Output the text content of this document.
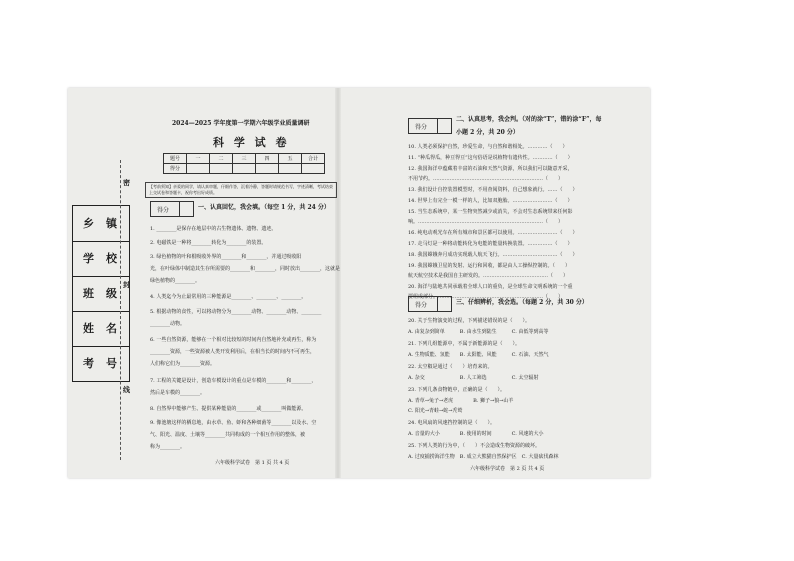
2024—2025 学年度第一学期六年级学业质量调研
科 学 试 卷
题号	一	二	三	四	五	合计
得分						
【考前须知】亲爱的同学，请认真审题，仔细作答，沉着冷静，答题时请规范书写，字迹清晰，考试结束上交试卷和答题卡，祝你考出好成绩。
乡 镇
学 校
班 级
姓 名
考 号
密
封
线
得分	一、认真回忆，我会填。（每空 1 分，共 24 分）
1. ________是保存在地层中的古生物遗体、遗物、遗迹。
2. 电磁铁是一种将________转化为________的装置。
3. 绿色植物的叶和根吸收外界的________和________，并通过吸收阳
光，在叶绿体中制造其生存所需要的________和________，同时放出________，这就是
绿色植物的________。
4. 人类迄今为止最常用的三种能源是________、________、________。
5. 根据动物的食性，可以将动物分为________动物、________动物、________
________动物。
6. 一些自然资源，能够在一个相对比较短的时间内自然地补充或再生，称为
________资源，一些资源被人类开发利用后，在相当长的时间内不可再生，
人们称它们为________资源。
7. 工程的关键是设计，创造车模设计的重点是车模的________和________，
然后是车模的________。
8. 自然界中能够产生、提供某种能量的________或________叫做能源。
9. 像池塘这样的栖息地，由水草、鱼、虾和各种细菌等________以及水、空
气、阳光、温度、土壤等________共同构成的一个相互作用的整体，被
称为________。
六年级科学试卷　第 1 页 共 4 页
得分
二、认真思考，我会判。（对的涂“T”，错的涂“F”，每
小题 2 分，共 20 分）
10. 人类必须保护自然，珍爱生命，与自然和谐相处。…………（　　）
11. “种瓜得瓜，种豆得豆”这句俗语是说植物有遗传性。…………（　　）
12. 我国海洋中蕴藏着丰富的石油和天然气资源，所以我们可以随意开采，
不用节约。…………………………………………………………（　　）
13. 我们设计自控装置模型时，不用查阅资料，自己想象就行。……（　　）
14. 世界上有完全一模一样的人，比如双胞胎。……………………（　　）
15. 当生态系统中，某一生物突然减少或消失，不会对生态系统带来任何影
响。…………………………………………………………………（　　）
16. 纯电动观光车在所有城市和景区都可以使用。……………………（　　）
17. 走马灯是一种将动能转化为电能的能量转换装置。……………（　　）
18. 我国嫦娥奔月成功实现载人航天飞行。……………………………（　　）
19. 我国嫦娥卫星的发射、运行和回收，都是由人工操纵控制的。（　　）
航天航空技术是我国自主研发的。…………………………………（　　）
20. 海洋与陆地共同承载着全球人口的重负，是全球生命文明系统的一个重
要组成部分。………………………………………………………（　　）
得分	三、仔细辨析，我会选。（每题 2 分，共 30 分）
20. 关于生物演变的过程，下列描述错误的是（　　）。
A. 由复杂到简单　　　B. 由水生到陆生　　　C. 由低等到高等
21. 下列几组能源中，不属于新能源的是（　　）。
A. 生物质能、氢能　　B. 太阳能、风能　　　C. 石油、天然气
22. 太空椒是通过（　　）培育来的。
A. 杂交　　　　　　　B. 人工筛选　　　　　C. 太空辐射
23. 下列几条食物链中，正确的是（　　）。
A. 青草→兔子→老虎　　　　B. 狮子→狼→山羊
C. 阳光→青蛙→蛇→秃鹫
24. 电风扇的风速挡控制的是（　　）。
A. 音量的大小　　　　B. 使用的时间　　　　C. 风速的大小
25. 下列人类的行为中，（　　）不会造成生物资源的破坏。
A. 过度捕捞海洋生物　B. 成立大熊猫自然保护区　C. 大量砍伐森林
六年级科学试卷　第 2 页 共 4 页
